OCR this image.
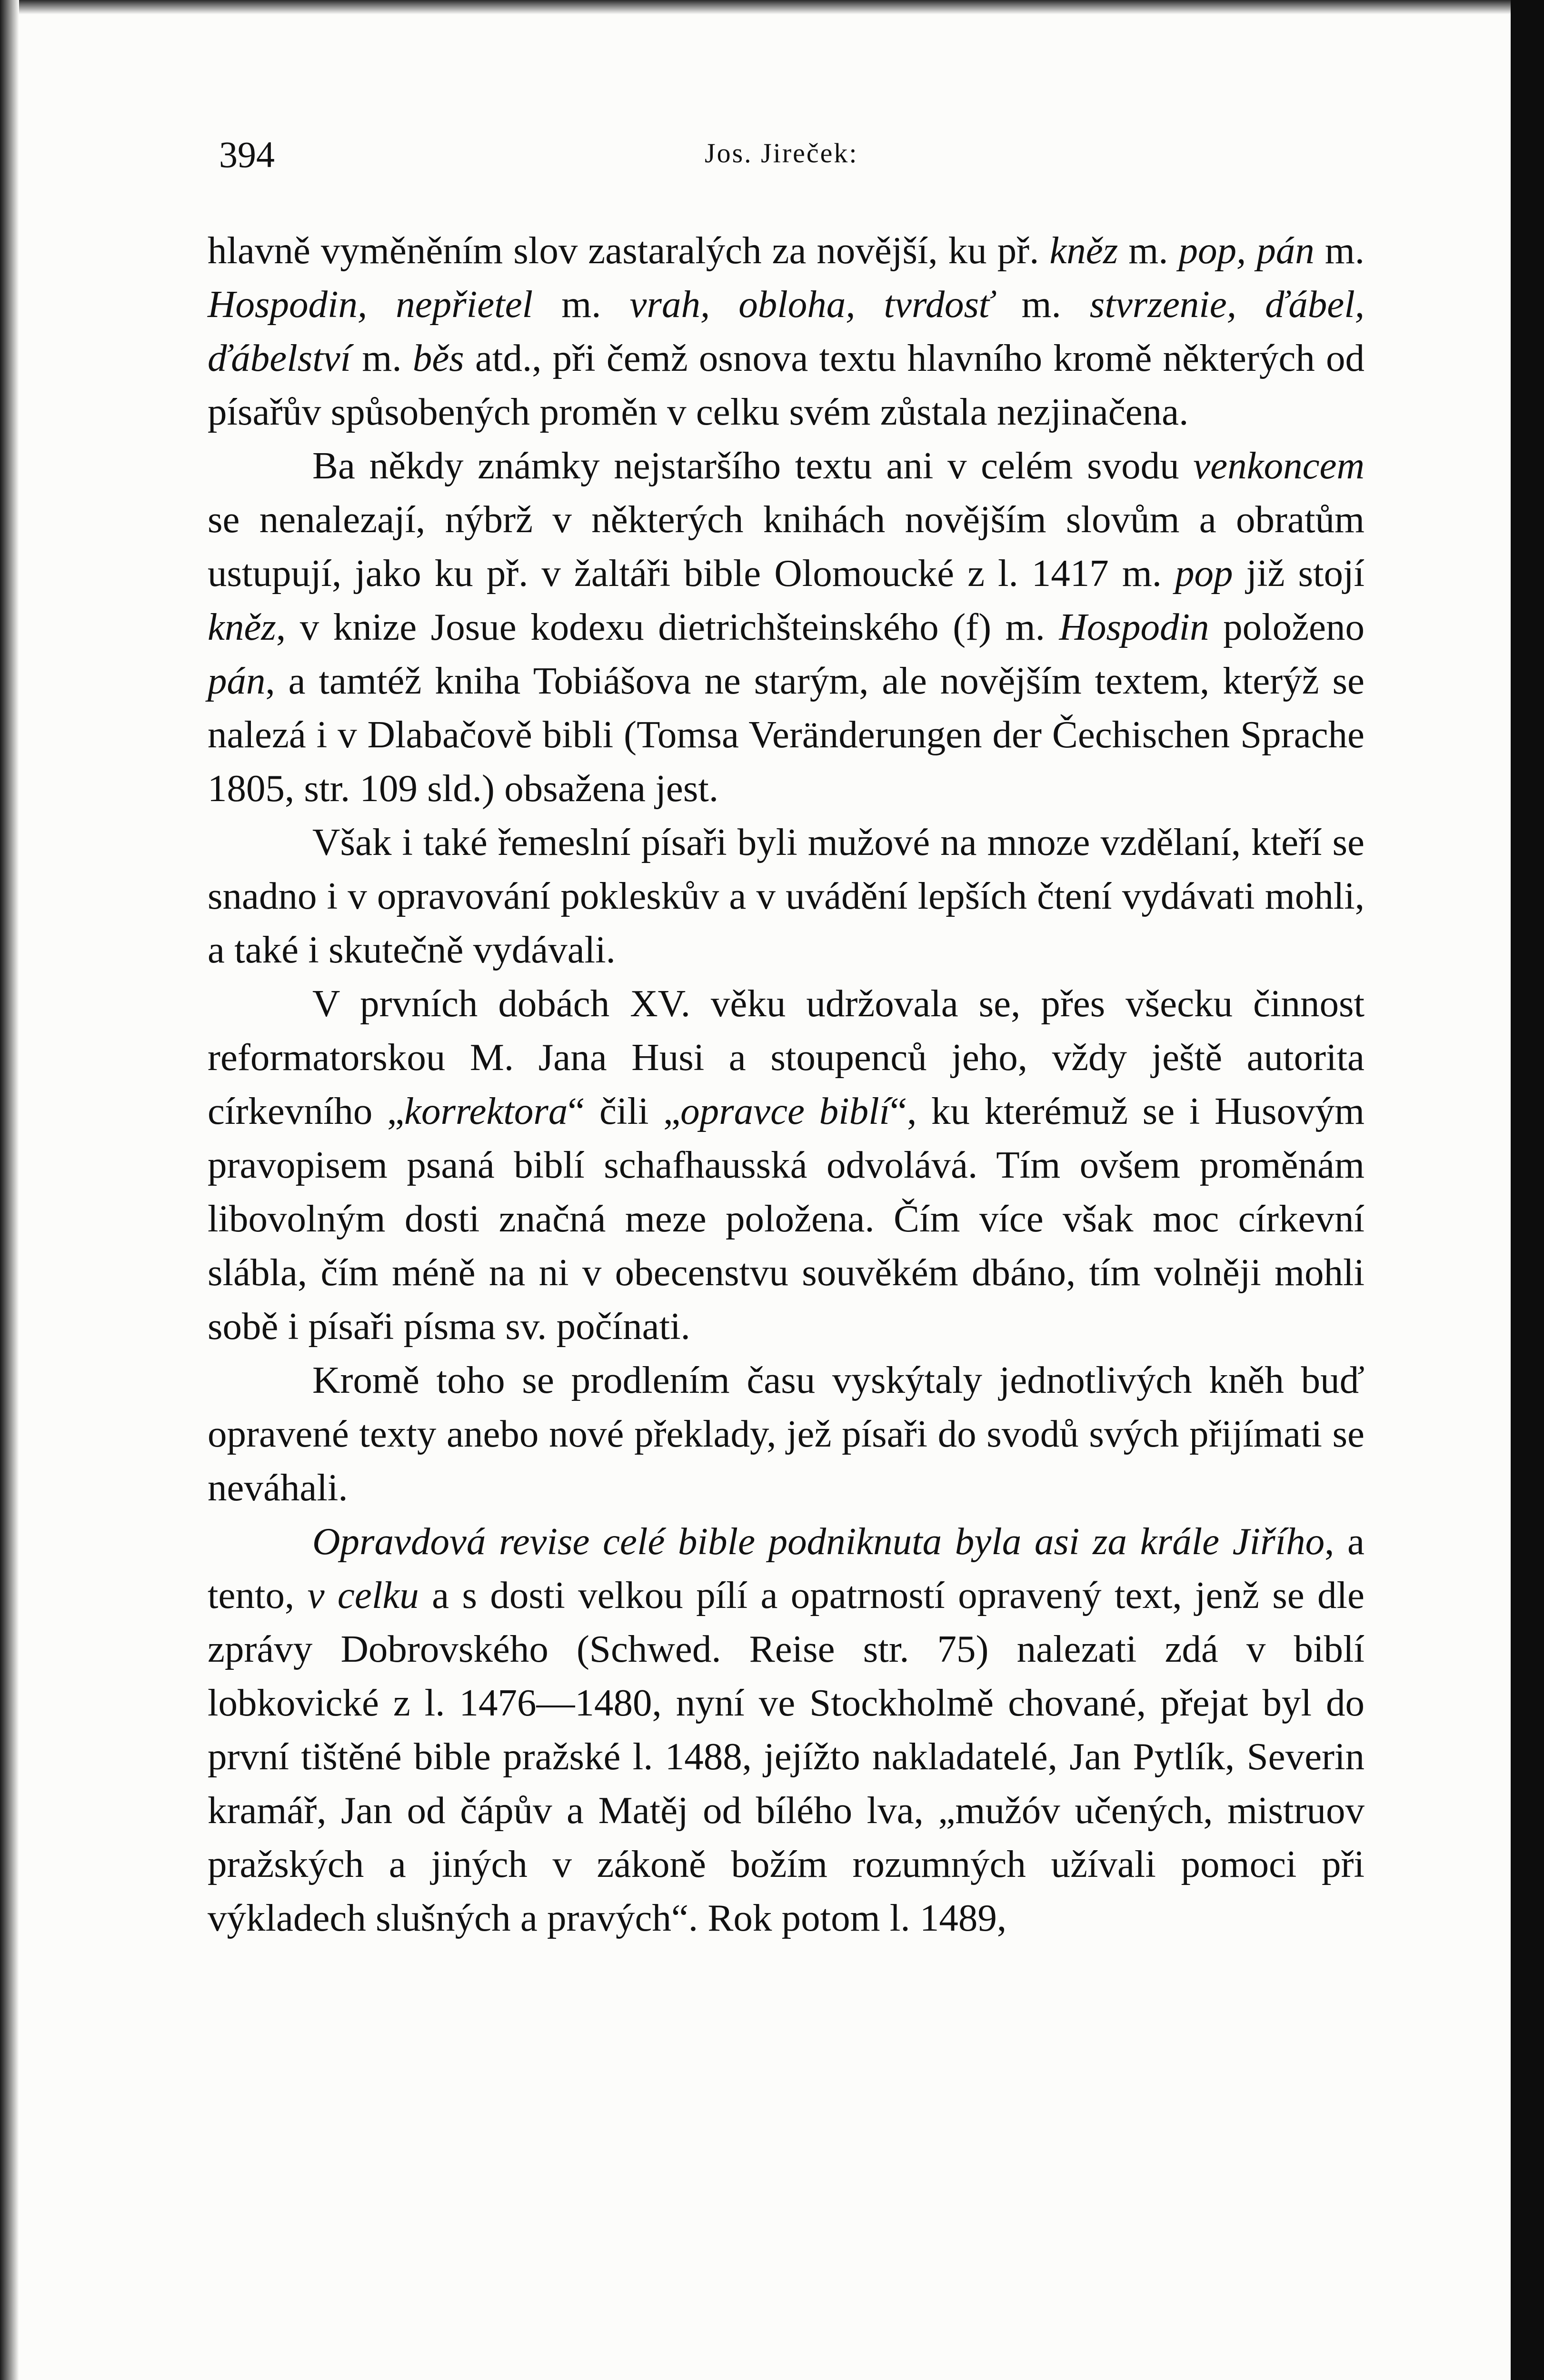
394	Jos. Jireček:

hlavně vyměněním slov zastaralých za novější, ku př. kněz m. pop, pán m. Hospodin, nepřietel m. vrah, obloha, tvrdosť m. stvrzenie, ďábel, ďábelství m. běs atd., při čemž osnova textu hlavního kromě některých od písařův spůsobených proměn v celku svém zůstala nezjinačena.

Ba někdy známky nejstaršího textu ani v celém svodu venkoncem se nenalezají, nýbrž v některých knihách novějším slovům a obratům ustupují, jako ku př. v žaltáři bible Olomoucké z l. 1417 m. pop již stojí kněz, v knize Josue kodexu dietrichšteinského (f) m. Hospodin položeno pán, a tamtéž kniha Tobiášova ne starým, ale novějším textem, kterýž se nalezá i v Dlabačově bibli (Tomsa Veränderungen der Čechischen Sprache 1805, str. 109 sld.) obsažena jest.

Však i také řemeslní písaři byli mužové na mnoze vzdělaní, kteří se snadno i v opravování pokleskův a v uvádění lepších čtení vydávati mohli, a také i skutečně vydávali.

V prvních dobách XV. věku udržovala se, přes všecku činnost reformatorskou M. Jana Husi a stoupenců jeho, vždy ještě autorita církevního „korrektora“ čili „opravce biblí“, ku kterémuž se i Husovým pravopisem psaná biblí schafhausská odvolává. Tím ovšem proměnám libovolným dosti značná meze položena. Čím více však moc církevní slábla, čím méně na ni v obecenstvu souvěkém dbáno, tím volněji mohli sobě i písaři písma sv. počínati.

Kromě toho se prodlením času vyskýtaly jednotlivých kněh buď opravené texty anebo nové překlady, jež písaři do svodů svých přijímati se neváhali.

Opravdová revise celé bible podniknuta byla asi za krále Jiřího, a tento, v celku a s dosti velkou pílí a opatrností opravený text, jenž se dle zprávy Dobrovského (Schwed. Reise str. 75) nalezati zdá v biblí lobkovické z l. 1476—1480, nyní ve Stockholmě chované, přejat byl do první tištěné bible pražské l. 1488, jejížto nakladatelé, Jan Pytlík, Severin kramář, Jan od čápův a Matěj od bílého lva, „mužóv učených, mistruov pražských a jiných v zákoně božím rozumných užívali pomoci při výkladech slušných a pravých“. Rok potom l. 1489,
